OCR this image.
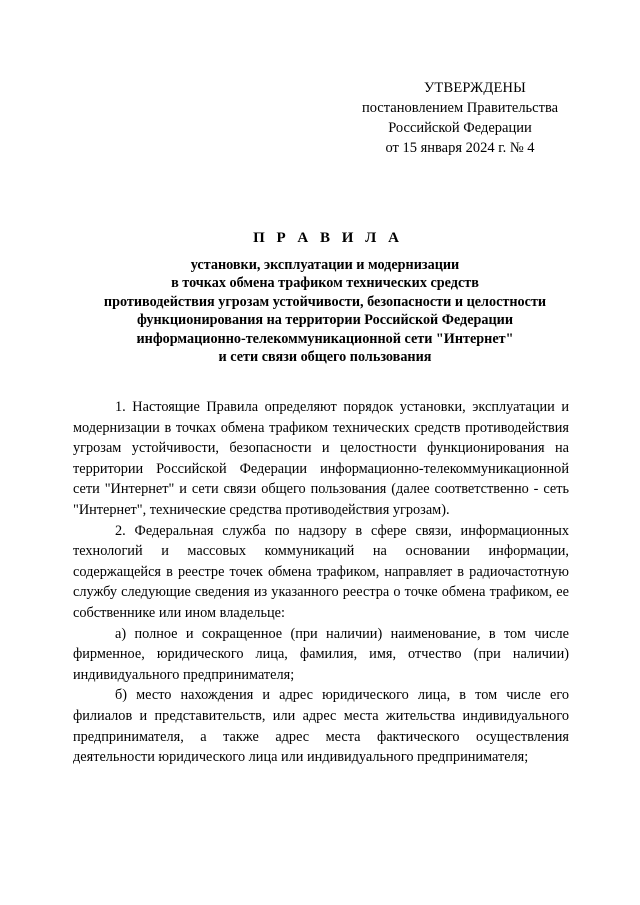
УТВЕРЖДЕНЫ
постановлением Правительства
Российской Федерации
от 15 января 2024 г. № 4
П Р А В И Л А
установки, эксплуатации и модернизации
в точках обмена трафиком технических средств
противодействия угрозам устойчивости, безопасности и целостности
функционирования на территории Российской Федерации
информационно-телекоммуникационной сети "Интернет"
и сети связи общего пользования

1. Настоящие Правила определяют порядок установки, эксплуатации и модернизации в точках обмена трафиком технических средств противодействия угрозам устойчивости, безопасности и целостности функционирования на территории Российской Федерации информационно-телекоммуникационной сети "Интернет" и сети связи общего пользования (далее соответственно - сеть "Интернет", технические средства противодействия угрозам).

2. Федеральная служба по надзору в сфере связи, информационных технологий и массовых коммуникаций на основании информации, содержащейся в реестре точек обмена трафиком, направляет в радиочастотную службу следующие сведения из указанного реестра о точке обмена трафиком, ее собственнике или ином владельце:

а) полное и сокращенное (при наличии) наименование, в том числе фирменное, юридического лица, фамилия, имя, отчество (при наличии) индивидуального предпринимателя;

б) место нахождения и адрес юридического лица, в том числе его филиалов и представительств, или адрес места жительства индивидуального предпринимателя, а также адрес места фактического осуществления деятельности юридического лица или индивидуального предпринимателя;
